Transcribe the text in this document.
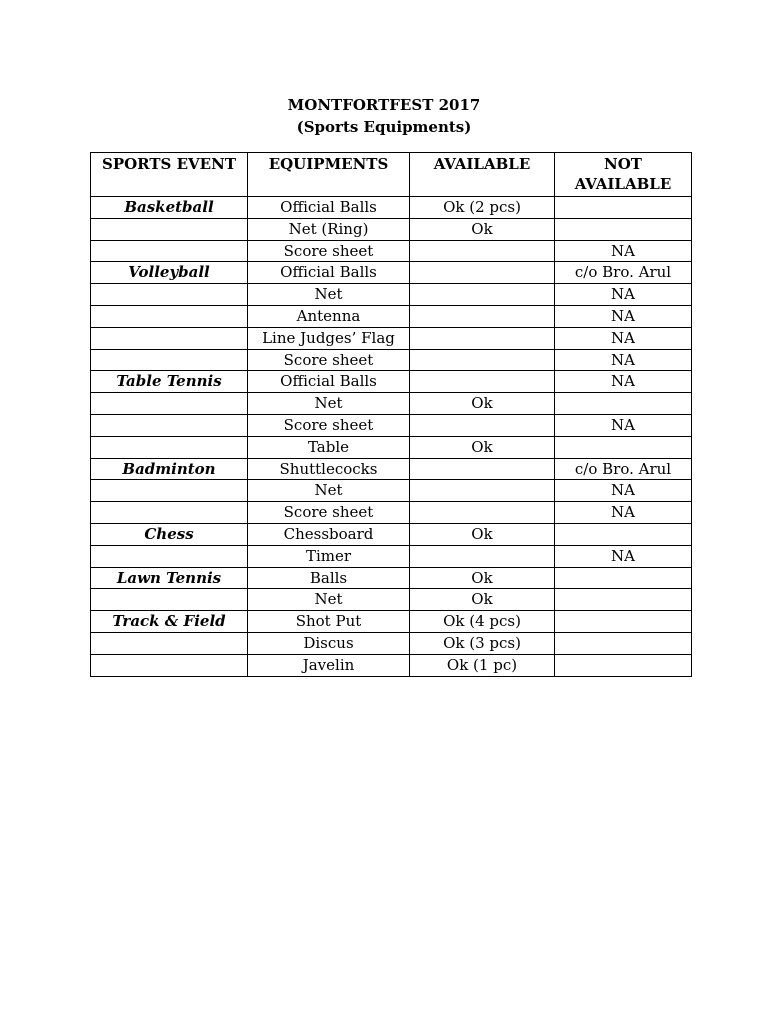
MONTFORTFEST 2017
(Sports Equipments)
SPORTS EVENT	EQUIPMENTS	AVAILABLE	NOT AVAILABLE
Basketball	Official Balls	Ok (2 pcs)	
	Net (Ring)	Ok	
	Score sheet		NA
Volleyball	Official Balls		c/o Bro. Arul
	Net		NA
	Antenna		NA
	Line Judges’ Flag		NA
	Score sheet		NA
Table Tennis	Official Balls		NA
	Net	Ok	
	Score sheet		NA
	Table	Ok	
Badminton	Shuttlecocks		c/o Bro. Arul
	Net		NA
	Score sheet		NA
Chess	Chessboard	Ok	
	Timer		NA
Lawn Tennis	Balls	Ok	
	Net	Ok	
Track & Field	Shot Put	Ok (4 pcs)	
	Discus	Ok (3 pcs)	
	Javelin	Ok (1 pc)	
